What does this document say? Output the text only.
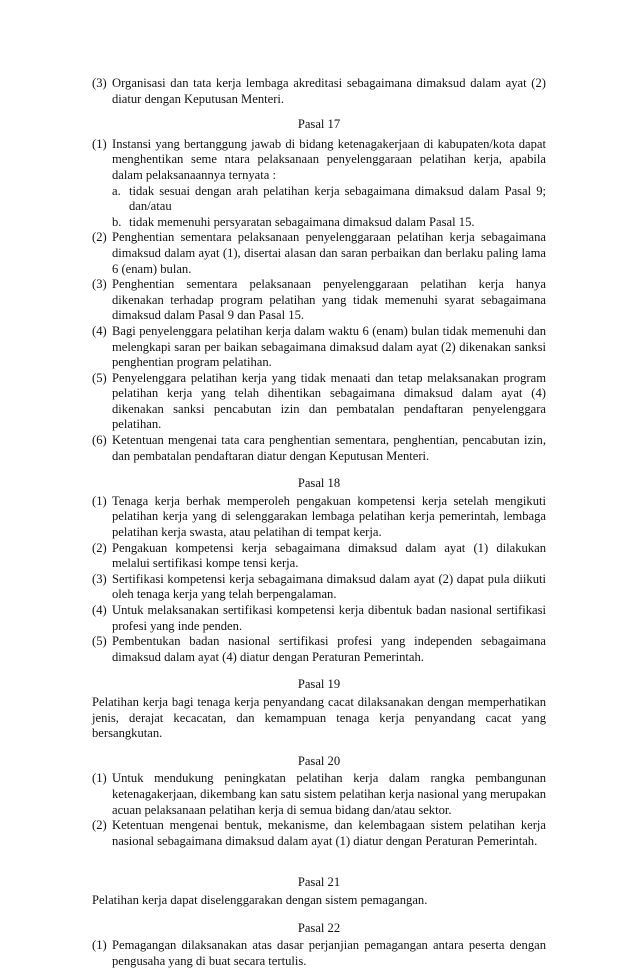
(3) Organisasi dan tata kerja lembaga akreditasi sebagaimana dimaksud dalam ayat (2) diatur dengan Keputusan Menteri.
Pasal 17
(1) Instansi yang bertanggung jawab di bidang ketenagakerjaan di kabupaten/kota dapat menghentikan seme ntara pelaksanaan penyelenggaraan pelatihan kerja, apabila dalam pelaksanaannya ternyata :
a. tidak sesuai dengan arah pelatihan kerja sebagaimana dimaksud dalam Pasal 9; dan/atau
b. tidak memenuhi persyaratan sebagaimana dimaksud dalam Pasal 15.
(2) Penghentian sementara pelaksanaan penyelenggaraan pelatihan kerja sebagaimana dimaksud dalam ayat (1), disertai alasan dan saran perbaikan dan berlaku paling lama 6 (enam) bulan.
(3) Penghentian sementara pelaksanaan penyelenggaraan pelatihan kerja hanya dikenakan terhadap program pelatihan yang tidak memenuhi syarat sebagaimana dimaksud dalam Pasal 9 dan Pasal 15.
(4) Bagi penyelenggara pelatihan kerja dalam waktu 6 (enam) bulan tidak memenuhi dan melengkapi saran per baikan sebagaimana dimaksud dalam ayat (2) dikenakan sanksi penghentian program pelatihan.
(5) Penyelenggara pelatihan kerja yang tidak menaati dan tetap melaksanakan program pelatihan kerja yang telah dihentikan sebagaimana dimaksud dalam ayat (4) dikenakan sanksi pencabutan izin dan pembatalan pendaftaran penyelenggara pelatihan.
(6) Ketentuan mengenai tata cara penghentian sementara, penghentian, pencabutan izin, dan pembatalan pendaftaran diatur dengan Keputusan Menteri.
Pasal 18
(1) Tenaga kerja berhak memperoleh pengakuan kompetensi kerja setelah mengikuti pelatihan kerja yang di selenggarakan lembaga pelatihan kerja pemerintah, lembaga pelatihan kerja swasta, atau pelatihan di tempat kerja.
(2) Pengakuan kompetensi kerja sebagaimana dimaksud dalam ayat (1) dilakukan melalui sertifikasi kompe tensi kerja.
(3) Sertifikasi kompetensi kerja sebagaimana dimaksud dalam ayat (2) dapat pula diikuti oleh tenaga kerja yang telah berpengalaman.
(4) Untuk melaksanakan sertifikasi kompetensi kerja dibentuk badan nasional sertifikasi profesi yang inde penden.
(5) Pembentukan badan nasional sertifikasi profesi yang independen sebagaimana dimaksud dalam ayat (4) diatur dengan Peraturan Pemerintah.
Pasal 19
Pelatihan kerja bagi tenaga kerja penyandang cacat dilaksanakan dengan memperhatikan jenis, derajat kecacatan, dan kemampuan tenaga kerja penyandang cacat yang bersangkutan.
Pasal 20
(1) Untuk mendukung peningkatan pelatihan kerja dalam rangka pembangunan ketenagakerjaan, dikembang kan satu sistem pelatihan kerja nasional yang merupakan acuan pelaksanaan pelatihan kerja di semua bidang dan/atau sektor.
(2) Ketentuan mengenai bentuk, mekanisme, dan kelembagaan sistem pelatihan kerja nasional sebagaimana dimaksud dalam ayat (1) diatur dengan Peraturan Pemerintah.
Pasal 21
Pelatihan kerja dapat diselenggarakan dengan sistem pemagangan.
Pasal 22
(1) Pemagangan dilaksanakan atas dasar perjanjian pemagangan antara peserta dengan pengusaha yang di buat secara tertulis.
